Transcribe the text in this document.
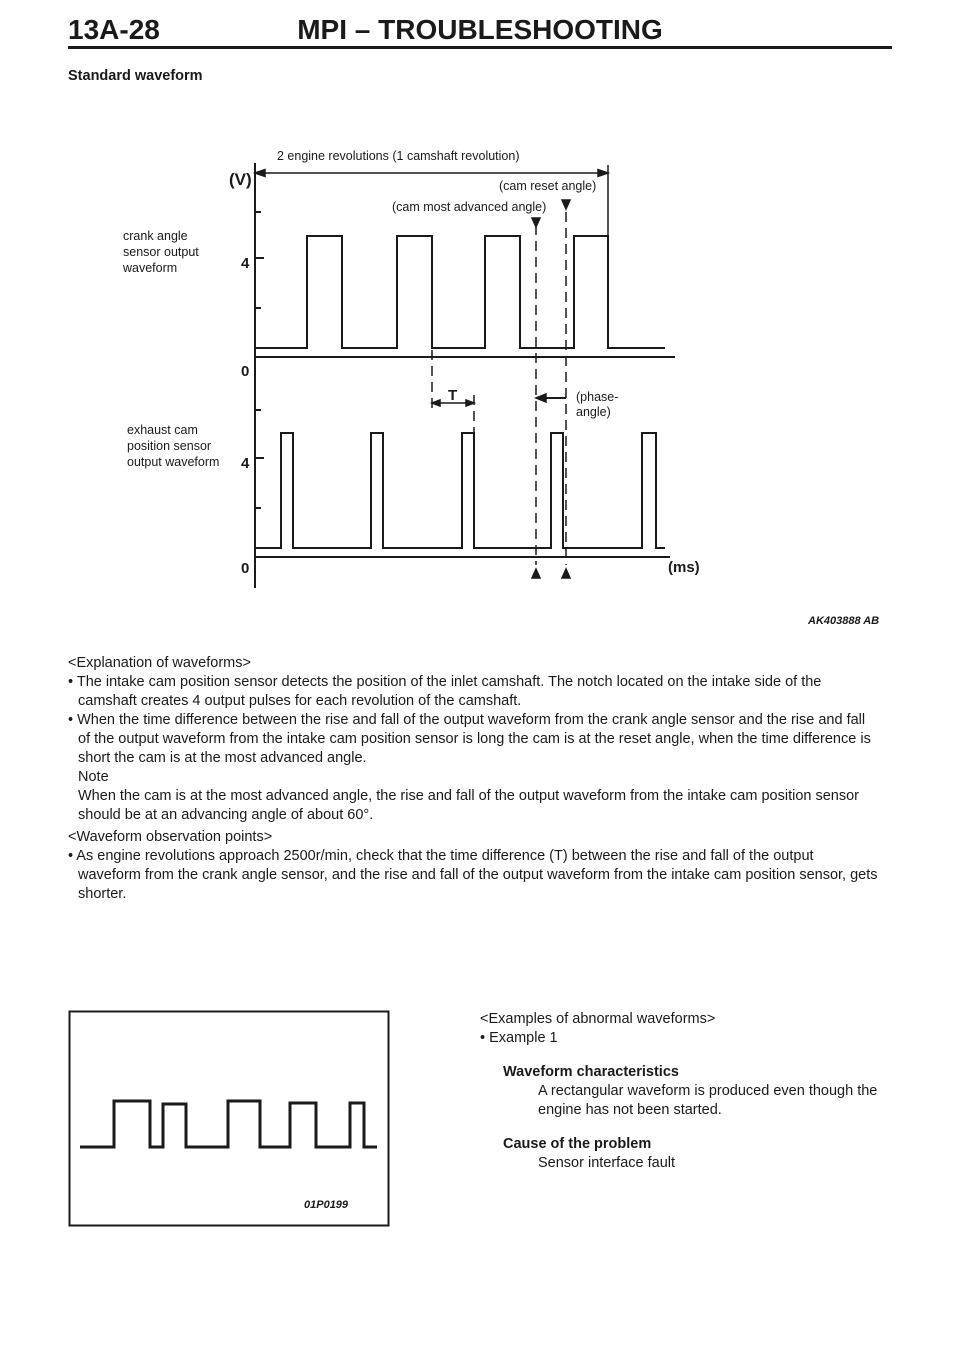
13A-28	MPI – TROUBLESHOOTING
Standard waveform
2 engine revolutions (1 camshaft revolution)
(cam reset angle)
(cam most advanced angle)
(V)
4
0
4
0
T
(ms)
(phase-
angle)
crank angle
sensor output
waveform
exhaust cam
position sensor
output waveform
AK403888 AB
<Explanation of waveforms>
• The intake cam position sensor detects the position of the inlet camshaft. The notch located on the intake side of the
camshaft creates 4 output pulses for each revolution of the camshaft.
• When the time difference between the rise and fall of the output waveform from the crank angle sensor and the rise and fall
of the output waveform from the intake cam position sensor is long the cam is at the reset angle, when the time difference is
short the cam is at the most advanced angle.
Note
When the cam is at the most advanced angle, the rise and fall of the output waveform from the intake cam position sensor
should be at an advancing angle of about 60°.
<Waveform observation points>
• As engine revolutions approach 2500r/min, check that the time difference (T) between the rise and fall of the output
waveform from the crank angle sensor, and the rise and fall of the output waveform from the intake cam position sensor, gets
shorter.
01P0199
<Examples of abnormal waveforms>
• Example 1
Waveform characteristics
A rectangular waveform is produced even though the
engine has not been started.
Cause of the problem
Sensor interface fault
